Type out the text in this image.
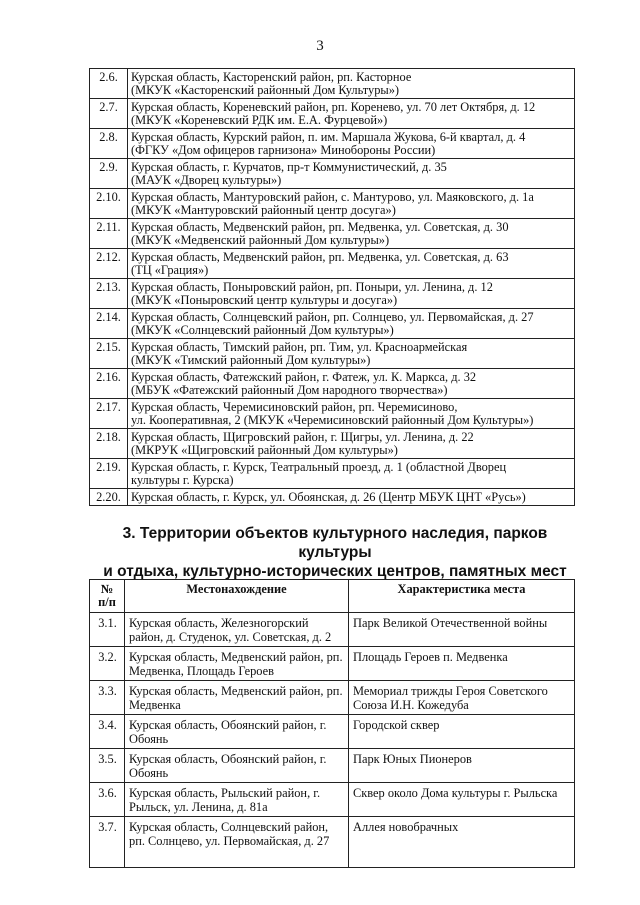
3
2.6.	Курская область, Касторенский район, рп. Касторное
(МКУК «Касторенский районный Дом Культуры»)

2.7.	Курская область, Кореневский район, рп. Коренево, ул. 70 лет Октября, д. 12
(МКУК «Кореневский РДК им. Е.А. Фурцевой»)

2.8.	Курская область, Курский район, п. им. Маршала Жукова, 6-й квартал, д. 4
(ФГКУ «Дом офицеров гарнизона» Минобороны России)

2.9.	Курская область, г. Курчатов, пр-т Коммунистический, д. 35
(МАУК «Дворец культуры»)

2.10.	Курская область, Мантуровский район, с. Мантурово, ул. Маяковского, д. 1а
(МКУК «Мантуровский районный центр досуга»)

2.11.	Курская область, Медвенский район, рп. Медвенка, ул. Советская, д. 30
(МКУК «Медвенский районный Дом культуры»)

2.12.	Курская область, Медвенский район, рп. Медвенка, ул. Советская, д. 63
(ТЦ «Грация»)

2.13.	Курская область, Поныровский район, рп. Поныри, ул. Ленина, д. 12
(МКУК «Поныровский центр культуры и досуга»)

2.14.	Курская область, Солнцевский район, рп. Солнцево, ул. Первомайская, д. 27
(МКУК «Солнцевский районный Дом культуры»)

2.15.	Курская область, Тимский район, рп. Тим, ул. Красноармейская
(МКУК «Тимский районный Дом культуры»)

2.16.	Курская область, Фатежский район, г. Фатеж, ул. К. Маркса, д. 32
(МБУК «Фатежский районный Дом народного творчества»)

2.17.	Курская область, Черемисиновский район, рп. Черемисиново,
ул. Кооперативная, 2 (МКУК «Черемисиновский районный Дом Культуры»)

2.18.	Курская область, Щигровский район, г. Щигры, ул. Ленина, д. 22
(МКРУК «Щигровский районный Дом культуры»)

2.19.	Курская область, г. Курск, Театральный проезд, д. 1 (областной Дворец
культуры г. Курска)

2.20.	Курская область, г. Курск, ул. Обоянская, д. 26 (Центр МБУК ЦНТ «Русь»)
3. Территории объектов культурного наследия, парков культуры
и отдыха, культурно-исторических центров, памятных мест
№
п/п	Местонахождение	Характеристика места
3.1.	Курская область, Железногорский район, д. Студенок, ул. Советская, д. 2	Парк Великой Отечественной войны
3.2.	Курская область, Медвенский район, рп. Медвенка, Площадь Героев	Площадь Героев п. Медвенка
3.3.	Курская область, Медвенский район, рп. Медвенка	Мемориал трижды Героя Советского Союза И.Н. Кожедуба
3.4.	Курская область, Обоянский район, г. Обоянь	Городской сквер
3.5.	Курская область, Обоянский район, г. Обоянь	Парк Юных Пионеров
3.6.	Курская область, Рыльский район, г. Рыльск, ул. Ленина, д. 81а	Сквер около Дома культуры г. Рыльска
3.7.	Курская область, Солнцевский район, рп. Солнцево, ул. Первомайская, д. 27	Аллея новобрачных
